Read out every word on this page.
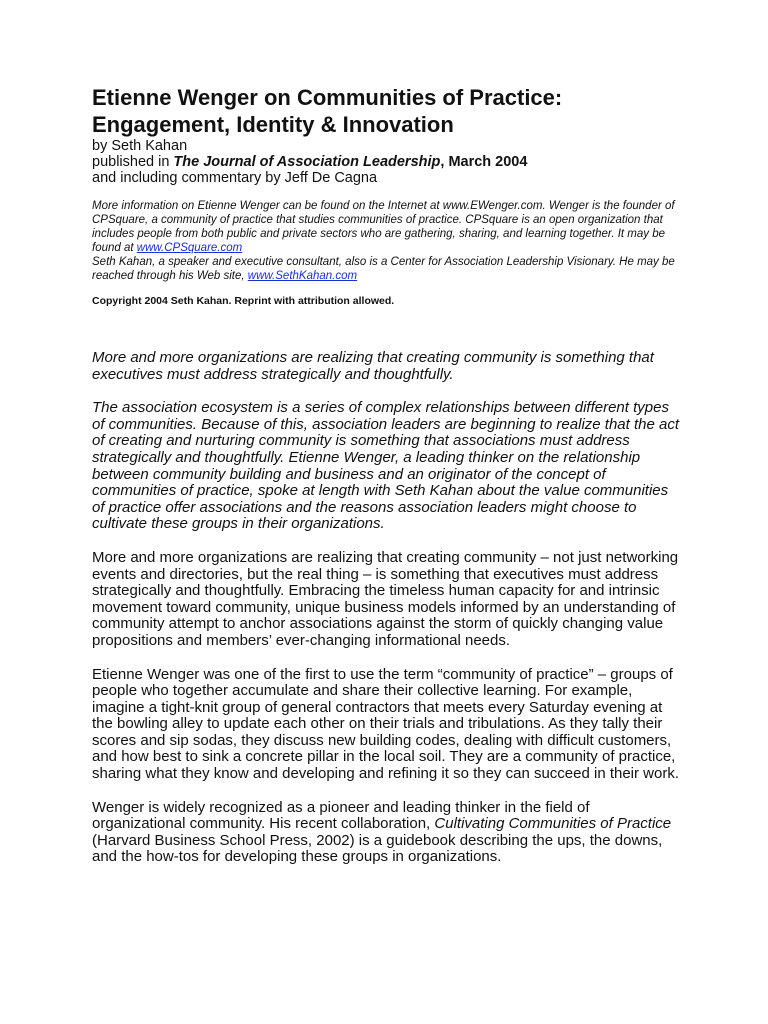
Etienne Wenger on Communities of Practice:
Engagement, Identity & Innovation
by Seth Kahan
published in The Journal of Association Leadership, March 2004
and including commentary by Jeff De Cagna
More information on Etienne Wenger can be found on the Internet at www.EWenger.com. Wenger is the founder of CPSquare, a community of practice that studies communities of practice. CPSquare is an open organization that includes people from both public and private sectors who are gathering, sharing, and learning together. It may be found at www.CPSquare.com
Seth Kahan, a speaker and executive consultant, also is a Center for Association Leadership Visionary. He may be reached through his Web site, www.SethKahan.com
Copyright 2004 Seth Kahan. Reprint with attribution allowed.

More and more organizations are realizing that creating community is something that executives must address strategically and thoughtfully.

The association ecosystem is a series of complex relationships between different types of communities. Because of this, association leaders are beginning to realize that the act of creating and nurturing community is something that associations must address strategically and thoughtfully. Etienne Wenger, a leading thinker on the relationship between community building and business and an originator of the concept of communities of practice, spoke at length with Seth Kahan about the value communities of practice offer associations and the reasons association leaders might choose to cultivate these groups in their organizations.

More and more organizations are realizing that creating community – not just networking events and directories, but the real thing – is something that executives must address strategically and thoughtfully. Embracing the timeless human capacity for and intrinsic movement toward community, unique business models informed by an understanding of community attempt to anchor associations against the storm of quickly changing value propositions and members’ ever-changing informational needs.

Etienne Wenger was one of the first to use the term “community of practice” – groups of people who together accumulate and share their collective learning. For example, imagine a tight-knit group of general contractors that meets every Saturday evening at the bowling alley to update each other on their trials and tribulations. As they tally their scores and sip sodas, they discuss new building codes, dealing with difficult customers, and how best to sink a concrete pillar in the local soil. They are a community of practice, sharing what they know and developing and refining it so they can succeed in their work.

Wenger is widely recognized as a pioneer and leading thinker in the field of organizational community. His recent collaboration, Cultivating Communities of Practice (Harvard Business School Press, 2002) is a guidebook describing the ups, the downs, and the how-tos for developing these groups in organizations.
